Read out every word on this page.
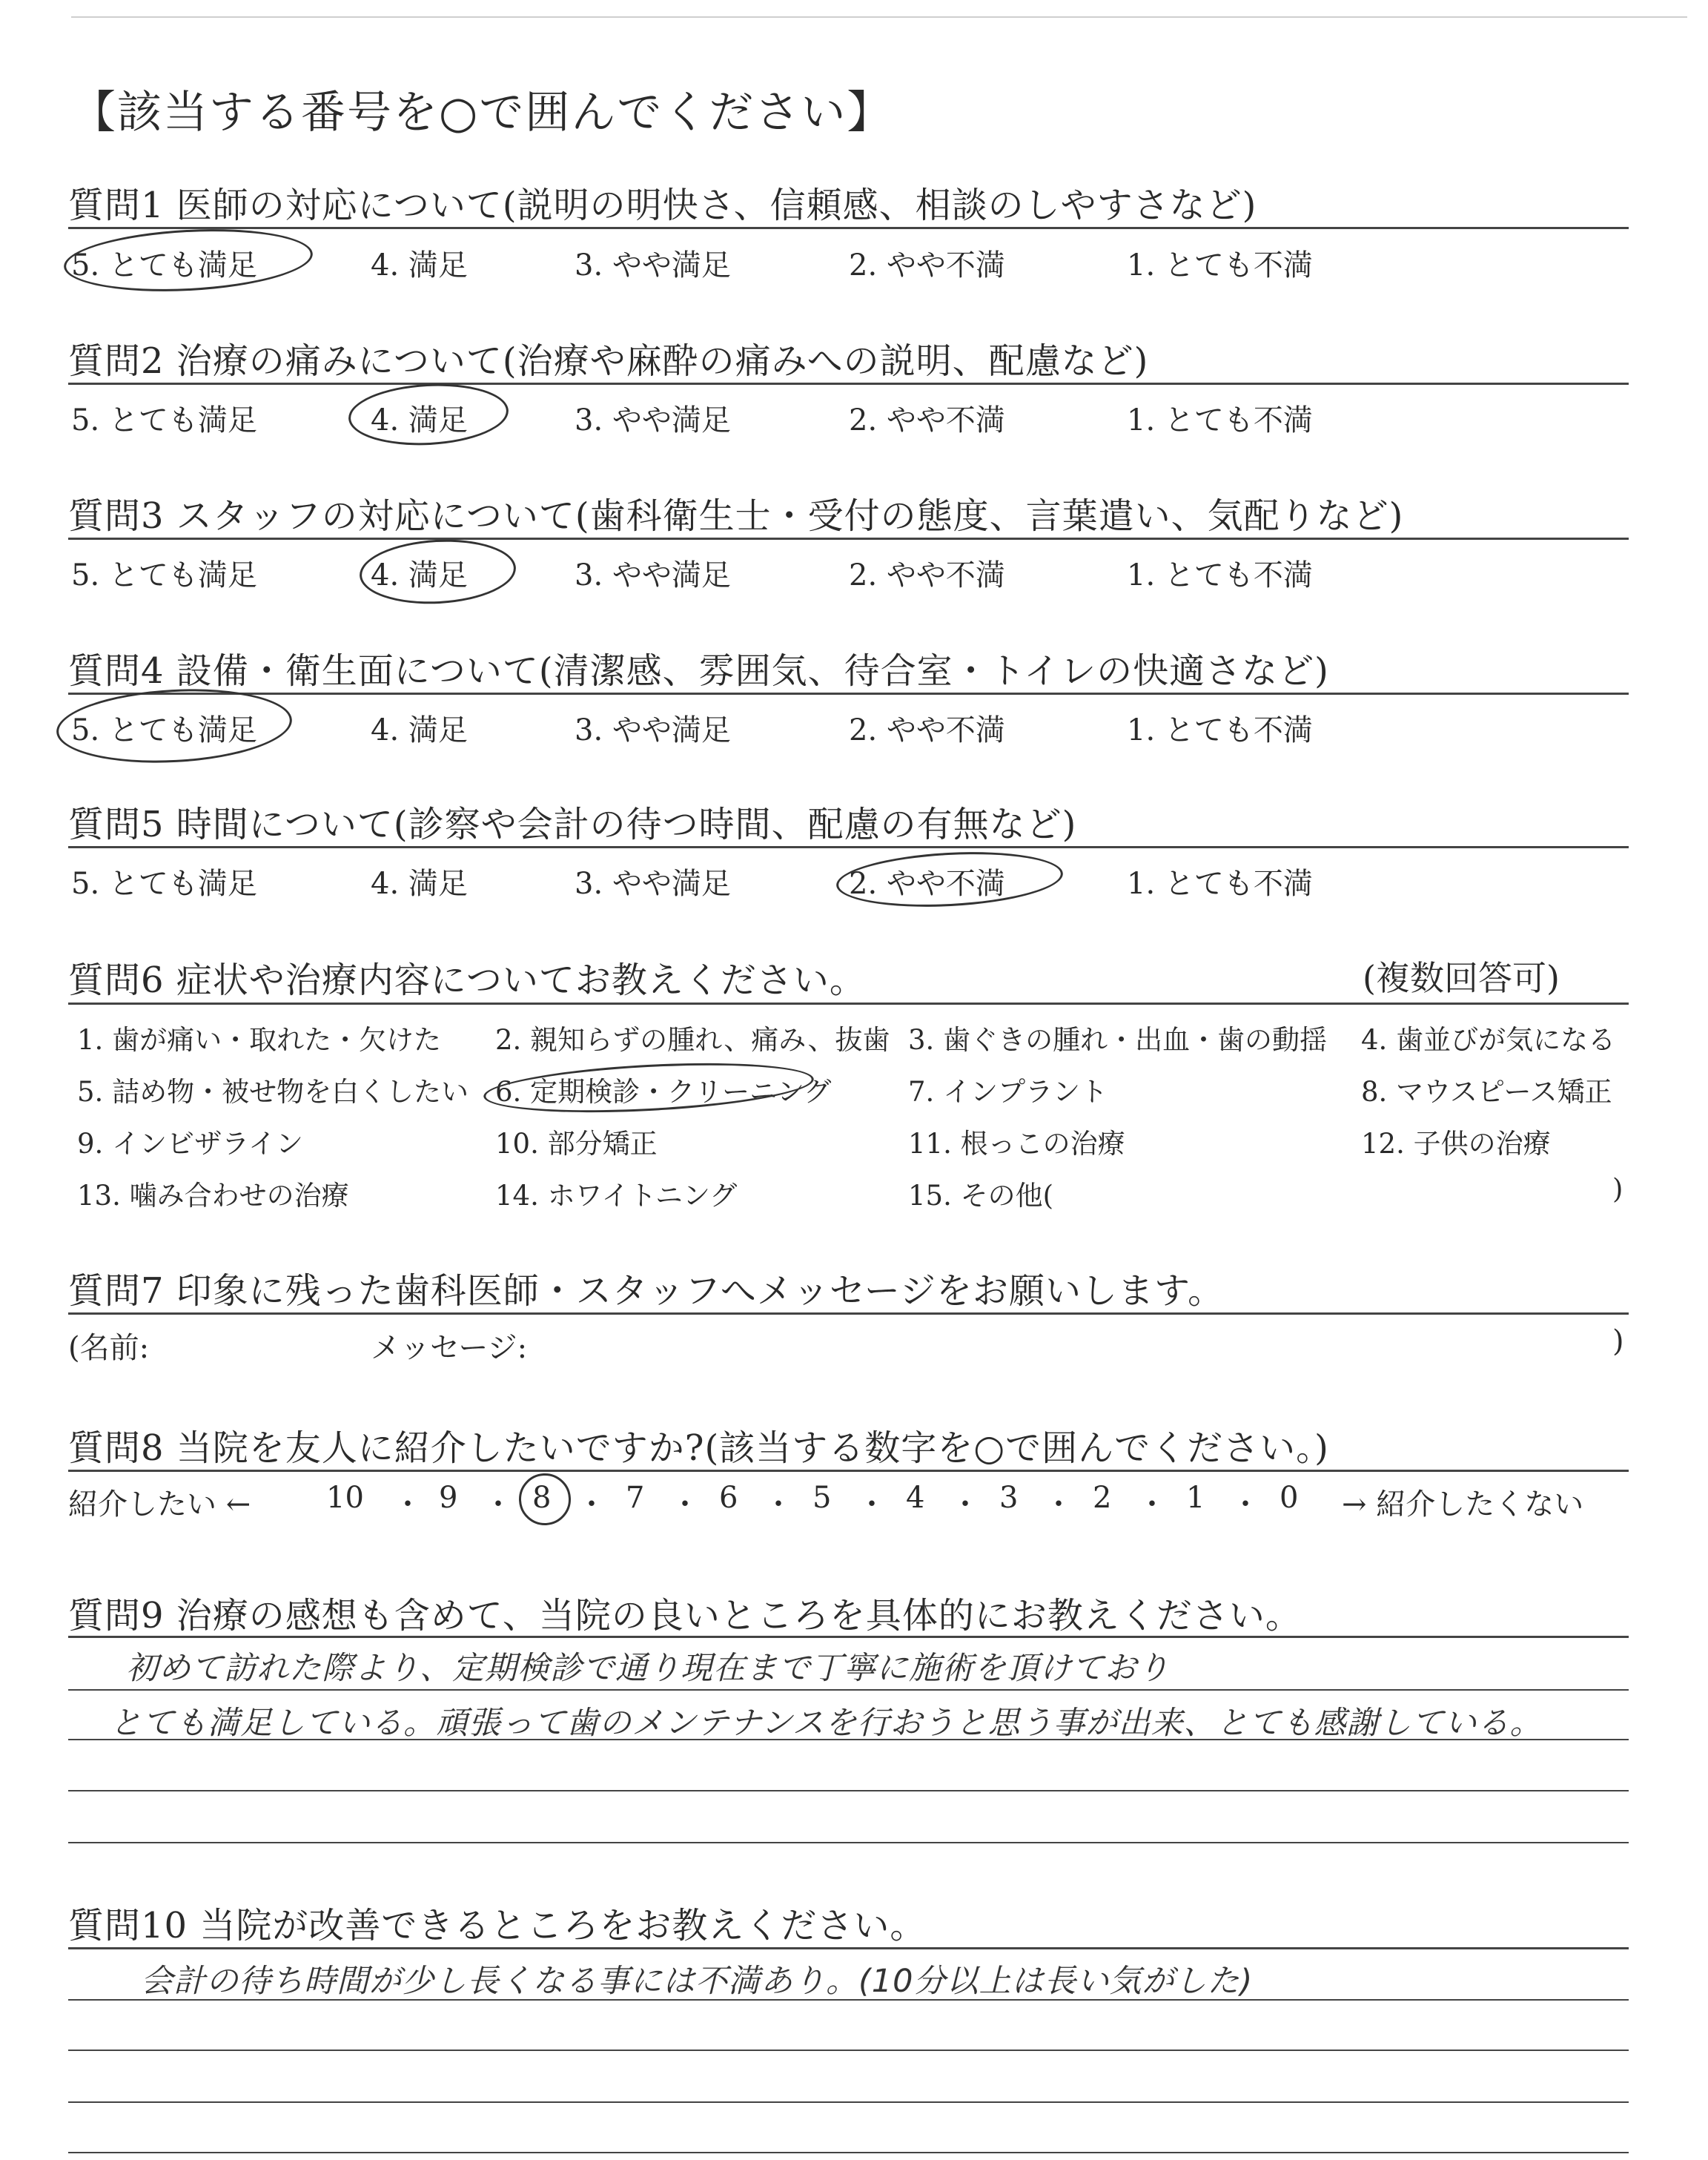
【該当する番号を○で囲んでください】
質問1 医師の対応について(説明の明快さ、信頼感、相談のしやすさなど)
5. とても満足	4. 満足	3. やや満足	2. やや不満	1. とても不満
質問2 治療の痛みについて(治療や麻酔の痛みへの説明、配慮など)
5. とても満足	4. 満足	3. やや満足	2. やや不満	1. とても不満
質問3 スタッフの対応について(歯科衛生士・受付の態度、言葉遣い、気配りなど)
5. とても満足	4. 満足	3. やや満足	2. やや不満	1. とても不満
質問4 設備・衛生面について(清潔感、雰囲気、待合室・トイレの快適さなど)
5. とても満足	4. 満足	3. やや満足	2. やや不満	1. とても不満
質問5 時間について(診察や会計の待つ時間、配慮の有無など)
5. とても満足	4. 満足	3. やや満足	2. やや不満	1. とても不満
質問6 症状や治療内容についてお教えください。	(複数回答可)
1. 歯が痛い・取れた・欠けた 2. 親知らずの腫れ、痛み、抜歯 3. 歯ぐきの腫れ・出血・歯の動揺 4. 歯並びが気になる
5. 詰め物・被せ物を白くしたい 6. 定期検診・クリーニング	7. インプラント	8. マウスピース矯正
9. インビザライン	10. 部分矯正	11. 根っこの治療	12. 子供の治療
13. 噛み合わせの治療	14. ホワイトニング	15. その他(	)
質問7 印象に残った歯科医師・スタッフへメッセージをお願いします。
(名前:	メッセージ:	)
質問8 当院を友人に紹介したいですか?(該当する数字を○で囲んでください。)
紹介したい ←	10 ・ 9 ・ 8 ・ 7 ・ 6 ・ 5 ・ 4 ・ 3 ・ 2 ・ 1 ・ 0 → 紹介したくない
質問9 治療の感想も含めて、当院の良いところを具体的にお教えください。
初めて訪れた際より、定期検診で通り現在まで丁寧に施術を頂けており
とても満足している。頑張って歯のメンテナンスを行おうと思う事が出来、とても感謝している。
質問10 当院が改善できるところをお教えください。
会計の待ち時間が少し長くなる事には不満あり。(10分以上は長い気がした)
